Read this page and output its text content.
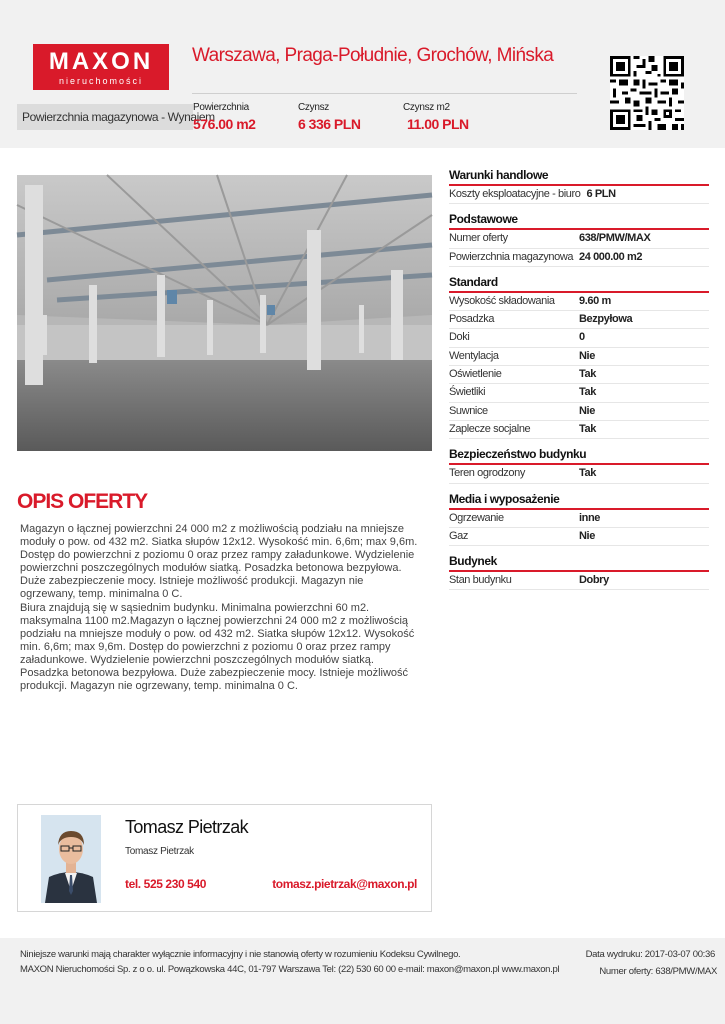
MAXON
nieruchomości
Warszawa, Praga-Południe, Grochów, Mińska
Powierzchnia magazynowa - Wynajem
Powierzchnia
576.00 m2
Czynsz
6 336 PLN
Czynsz m2
11.00 PLN
Warunki handlowe
Koszty eksploatacyjne - biuro 6 PLN
Podstawowe
Numer oferty	638/PMW/MAX
Powierzchnia magazynowa 24 000.00 m2
Standard
Wysokość składowania	9.60 m
Posadzka	Bezpyłowa
Doki	0
Wentylacja	Nie
Oświetlenie	Tak
Świetliki	Tak
Suwnice	Nie
Zaplecze socjalne	Tak
Bezpieczeństwo budynku
Teren ogrodzony	Tak
Media i wyposażenie
Ogrzewanie	inne
Gaz	Nie
Budynek
Stan budynku	Dobry
OPIS OFERTY

Magazyn o łącznej powierzchni 24 000 m2 z możliwością podziału na mniejsze moduły o pow. od 432 m2. Siatka słupów 12x12. Wysokość min. 6,6m; max 9,6m. Dostęp do powierzchni z poziomu 0 oraz przez rampy załadunkowe. Wydzielenie powierzchni poszczególnych modułów siatką. Posadzka betonowa bezpyłowa. Duże zabezpieczenie mocy. Istnieje możliwość produkcji. Magazyn nie ogrzewany, temp. minimalna 0 C.
Biura znajdują się w sąsiednim budynku. Minimalna powierzchni 60 m2. maksymalna 1100 m2.Magazyn o łącznej powierzchni 24 000 m2 z możliwością podziału na mniejsze moduły o pow. od 432 m2. Siatka słupów 12x12. Wysokość min. 6,6m; max 9,6m. Dostęp do powierzchni z poziomu 0 oraz przez rampy załadunkowe. Wydzielenie powierzchni poszczególnych modułów siatką. Posadzka betonowa bezpyłowa. Duże zabezpieczenie mocy. Istnieje możliwość produkcji. Magazyn nie ogrzewany, temp. minimalna 0 C.

Tomasz Pietrzak
Tomasz Pietrzak
tel. 525 230 540	tomasz.pietrzak@maxon.pl
Niniejsze warunki mają charakter wyłącznie informacyjny i nie stanowią oferty w rozumieniu Kodeksu Cywilnego.
MAXON Nieruchomości Sp. z o o. ul. Powązkowska 44C, 01-797 Warszawa Tel: (22) 530 60 00 e-mail: maxon@maxon.pl www.maxon.pl
Data wydruku: 2017-03-07 00:36
Numer oferty: 638/PMW/MAX
